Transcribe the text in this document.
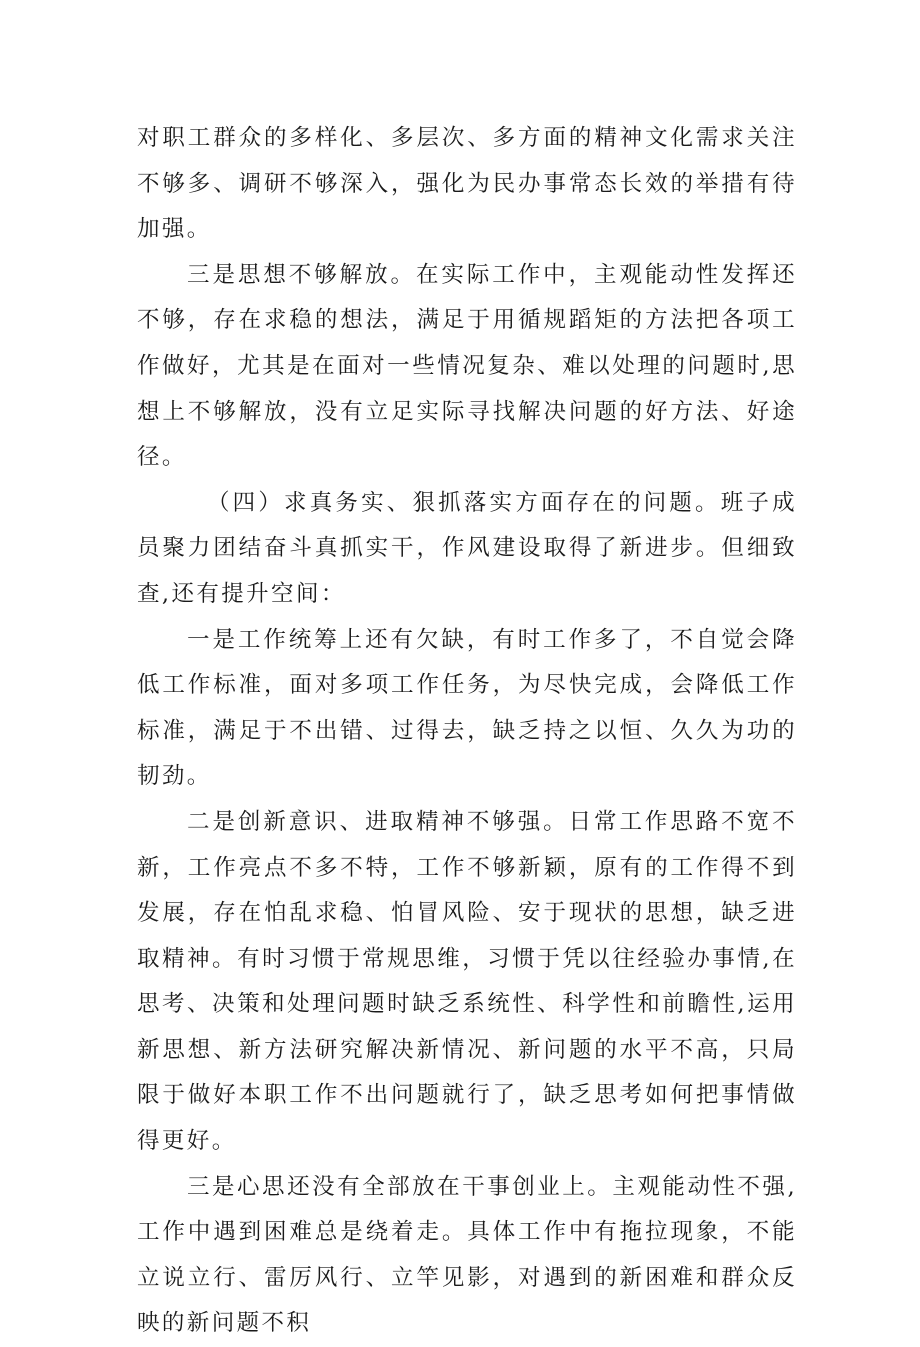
对职工群众的多样化、多层次、多方面的精神文化需求关注不够多、调研不够深入，强化为民办事常态长效的举措有待加强。

三是思想不够解放。在实际工作中，主观能动性发挥还不够，存在求稳的想法，满足于用循规蹈矩的方法把各项工作做好，尤其是在面对一些情况复杂、难以处理的问题时,思想上不够解放，没有立足实际寻找解决问题的好方法、好途径。

（四）求真务实、狠抓落实方面存在的问题。班子成员聚力团结奋斗真抓实干，作风建设取得了新进步。但细致查,还有提升空间：

一是工作统筹上还有欠缺，有时工作多了，不自觉会降低工作标准，面对多项工作任务，为尽快完成，会降低工作标准，满足于不出错、过得去，缺乏持之以恒、久久为功的韧劲。

二是创新意识、进取精神不够强。日常工作思路不宽不新，工作亮点不多不特，工作不够新颖，原有的工作得不到发展，存在怕乱求稳、怕冒风险、安于现状的思想，缺乏进取精神。有时习惯于常规思维，习惯于凭以往经验办事情,在思考、决策和处理问题时缺乏系统性、科学性和前瞻性,运用新思想、新方法研究解决新情况、新问题的水平不高，只局限于做好本职工作不出问题就行了，缺乏思考如何把事情做得更好。

三是心思还没有全部放在干事创业上。主观能动性不强,工作中遇到困难总是绕着走。具体工作中有拖拉现象，不能立说立行、雷厉风行、立竿见影，对遇到的新困难和群众反映的新问题不积
